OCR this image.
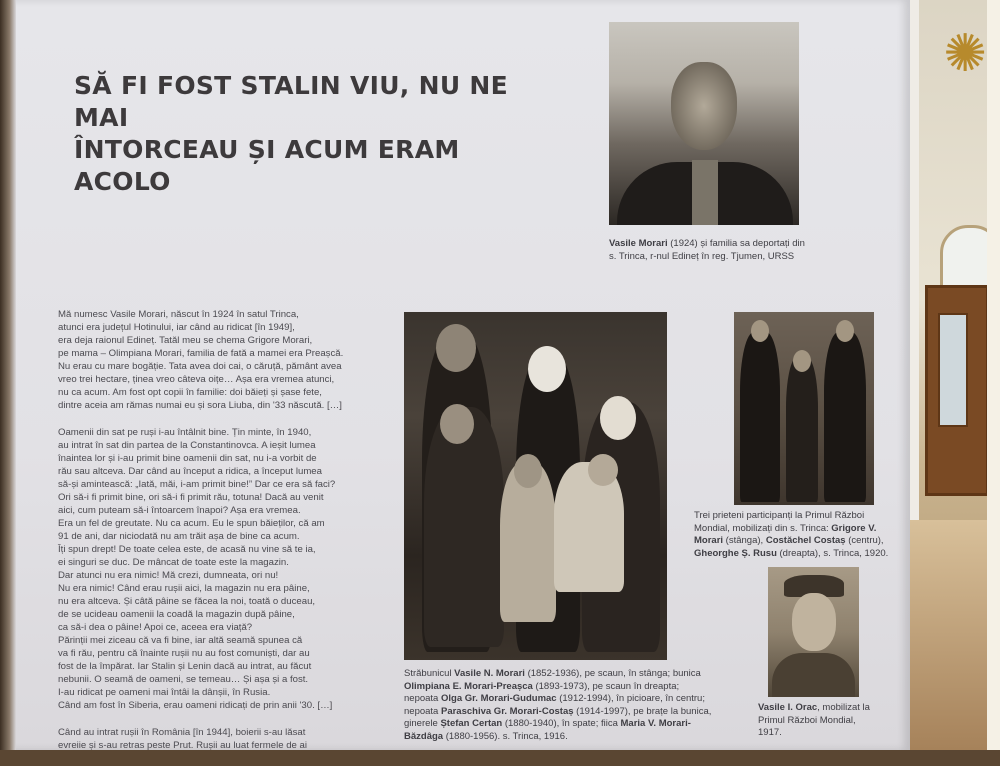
✺
SĂ FI FOST STALIN VIU, NU NE MAI
ÎNTORCEAU ȘI ACUM ERAM ACOLO

Mă numesc Vasile Morari, născut în 1924 în satul Trinca,
atunci era județul Hotinului, iar când au ridicat [în 1949],
era deja raionul Edineț. Tatăl meu se chema Grigore Morari,
pe mama – Olimpiana Morari, familia de fată a mamei era Preașcă.
Nu erau cu mare bogăție. Tata avea doi cai, o căruță, pământ avea
vreo trei hectare, ținea vreo câteva oițe… Așa era vremea atunci,
nu ca acum. Am fost opt copii în familie: doi băieți și șase fete,
dintre aceia am rămas numai eu și sora Liuba, din '33 născută. […]

Oamenii din sat pe ruși i-au întâlnit bine. Țin minte, în 1940,
au intrat în sat din partea de la Constantinovca. A ieșit lumea
înaintea lor și i-au primit bine oamenii din sat, nu i-a vorbit de
rău sau altceva. Dar când au început a ridica, a început lumea
să-și amintească: „Iată, măi, i-am primit bine!” Dar ce era să faci?
Ori să-i fi primit bine, ori să-i fi primit rău, totuna! Dacă au venit
aici, cum puteam să-i întoarcem înapoi? Așa era vremea.
Era un fel de greutate. Nu ca acum. Eu le spun băieților, că am
91 de ani, dar niciodată nu am trăit așa de bine ca acum.
Îți spun drept! De toate celea este, de acasă nu vine să te ia,
ei singuri se duc. De mâncat de toate este la magazin.
Dar atunci nu era nimic! Mă crezi, dumneata, ori nu!
Nu era nimic! Când erau rușii aici, la magazin nu era pâine,
nu era altceva. Și câtă pâine se făcea la noi, toată o duceau,
de se ucideau oamenii la coadă la magazin după pâine,
ca să-i dea o pâine! Apoi ce, aceea era viață?
Părinții mei ziceau că va fi bine, iar altă seamă spunea că
va fi rău, pentru că înainte rușii nu au fost comuniști, dar au
fost de la împărat. Iar Stalin și Lenin dacă au intrat, au făcut
nebunii. O seamă de oameni, se temeau… Și așa și a fost.
I-au ridicat pe oameni mai întâi la dânșii, în Rusia.
Când am fost în Siberia, erau oameni ridicați de prin anii '30. […]

Când au intrat rușii în România [în 1944], boierii s-au lăsat
evreiie și s-au retras peste Prut. Rușii au luat fermele de ai

Vasile Morari (1924) și familia sa deportați din s. Trinca, r-nul Edineț în reg. Tjumen, URSS
Străbunicul Vasile N. Morari (1852-1936), pe scaun, în stânga; bunica Olimpiana E. Morari-Preașca (1893-1973), pe scaun în dreapta; nepoata Olga Gr. Morari-Gudumac (1912-1994), în picioare, în centru; nepoata Paraschiva Gr. Morari-Costaș (1914-1997), pe brațe la bunica, ginerele Ștefan Certan (1880-1940), în spate; fiica Maria V. Morari-Băzdâga (1880-1956). s. Trinca, 1916.
Trei prieteni participanți la Primul Război Mondial, mobilizați din s. Trinca: Grigore V. Morari (stânga), Costăchel Costaș (centru), Gheorghe Ș. Rusu (dreapta), s. Trinca, 1920.
Vasile I. Orac, mobilizat la Primul Război Mondial, 1917.
